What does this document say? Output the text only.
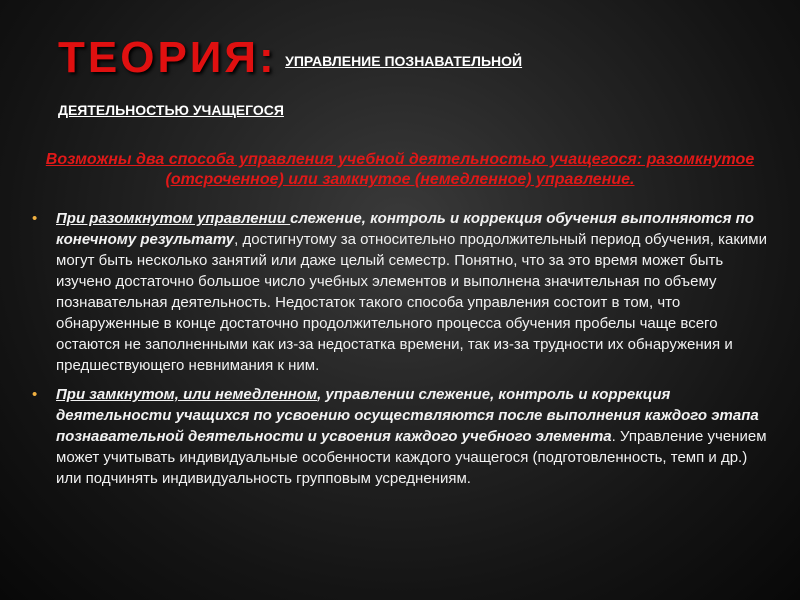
ТЕОРИЯ: УПРАВЛЕНИЕ ПОЗНАВАТЕЛЬНОЙ
ДЕЯТЕЛЬНОСТЬЮ УЧАЩЕГОСЯ
Возможны два способа управления учебной деятельностью учащегося: разомкнутое (отсроченное) или замкнутое (немедленное) управление.
• При разомкнутом управлении слежение, контроль и коррекция обучения выполняются по конечному результату, достигнутому за относительно продолжительный период обучения, какими могут быть несколько занятий или даже целый семестр. Понятно, что за это время может быть изучено достаточно большое число учебных элементов и выполнена значительная по объему познавательная деятельность. Недостаток такого способа управления состоит в том, что обнаруженные в конце достаточно продолжительного процесса обучения пробелы чаще всего остаются не заполненными как из-за недостатка времени, так из-за трудности их обнаружения и предшествующего невнимания к ним.
• При замкнутом, или немедленном, управлении слежение, контроль и коррекция деятельности учащихся по усвоению осуществляются после выполнения каждого этапа познавательной деятельности и усвоения каждого учебного элемента. Управление учением может учитывать индивидуальные особенности каждого учащегося (подготовленность, темп и др.) или подчинять индивидуальность групповым усреднениям.
